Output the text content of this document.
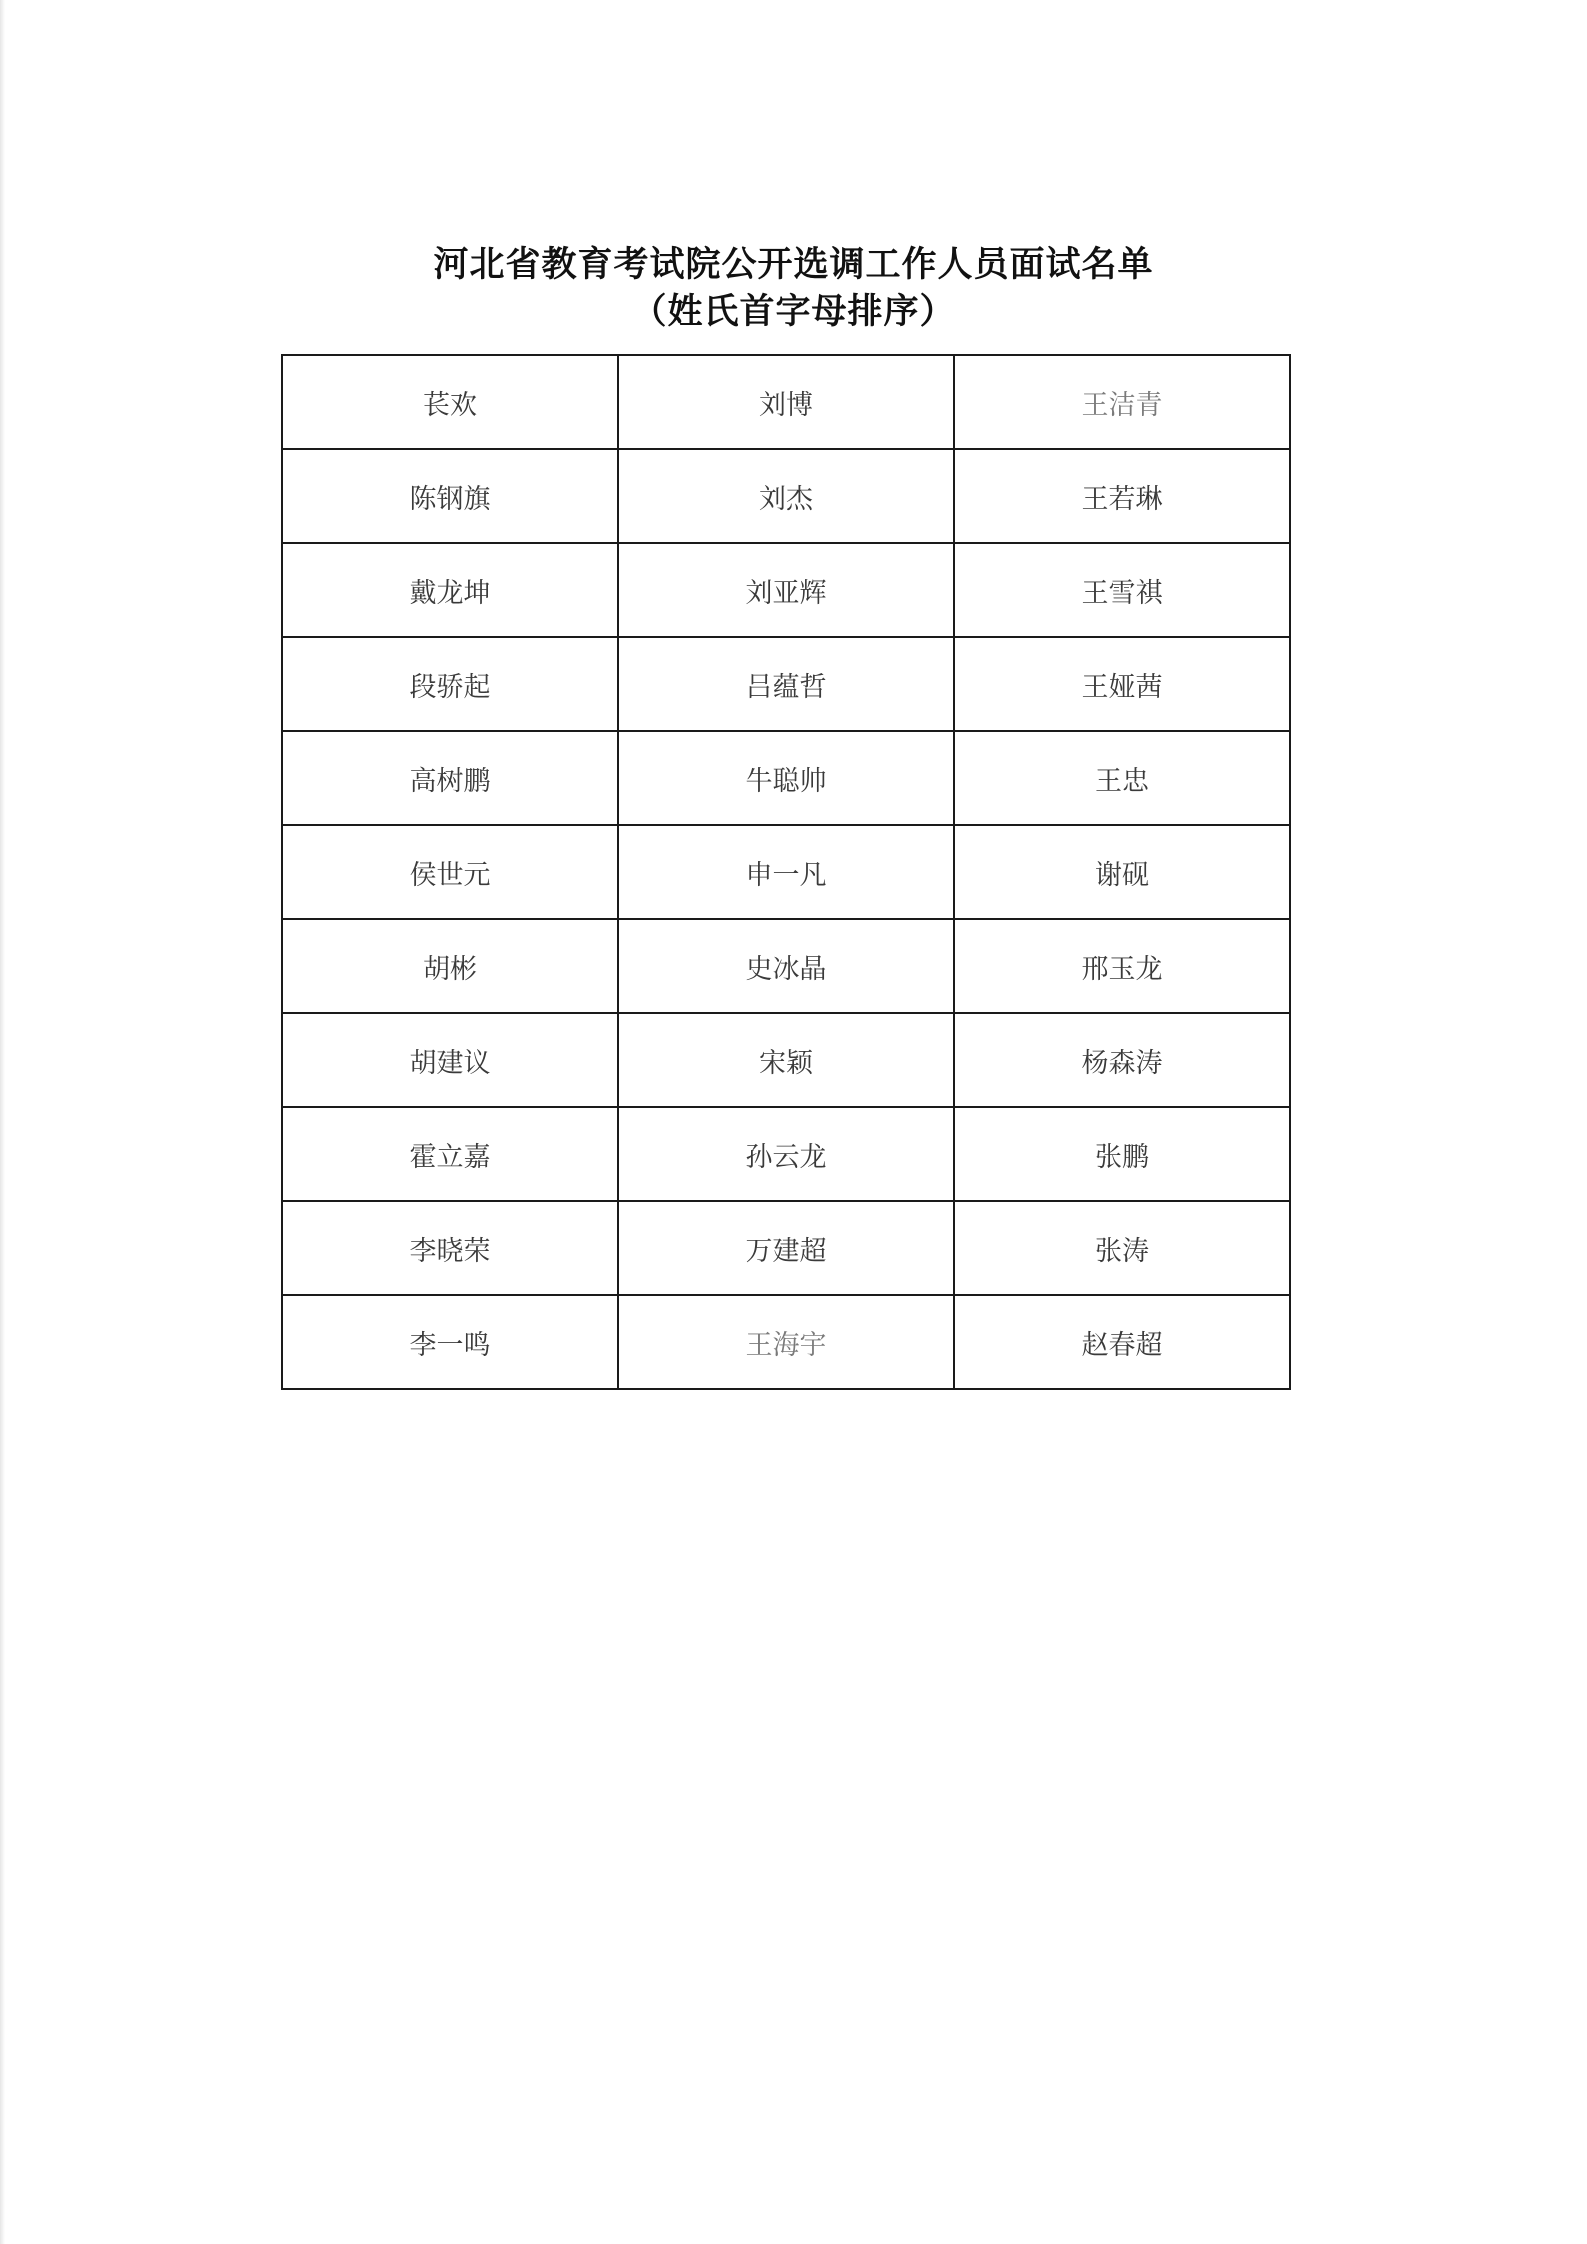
河北省教育考试院公开选调工作人员面试名单
（姓氏首字母排序）
苌欢	刘博	王洁青
陈钢旗	刘杰	王若琳
戴龙坤	刘亚辉	王雪祺
段骄起	吕蕴哲	王娅茜
高树鹏	牛聪帅	王忠
侯世元	申一凡	谢砚
胡彬	史冰晶	邢玉龙
胡建议	宋颖	杨森涛
霍立嘉	孙云龙	张鹏
李晓荣	万建超	张涛
李一鸣	王海宇	赵春超
